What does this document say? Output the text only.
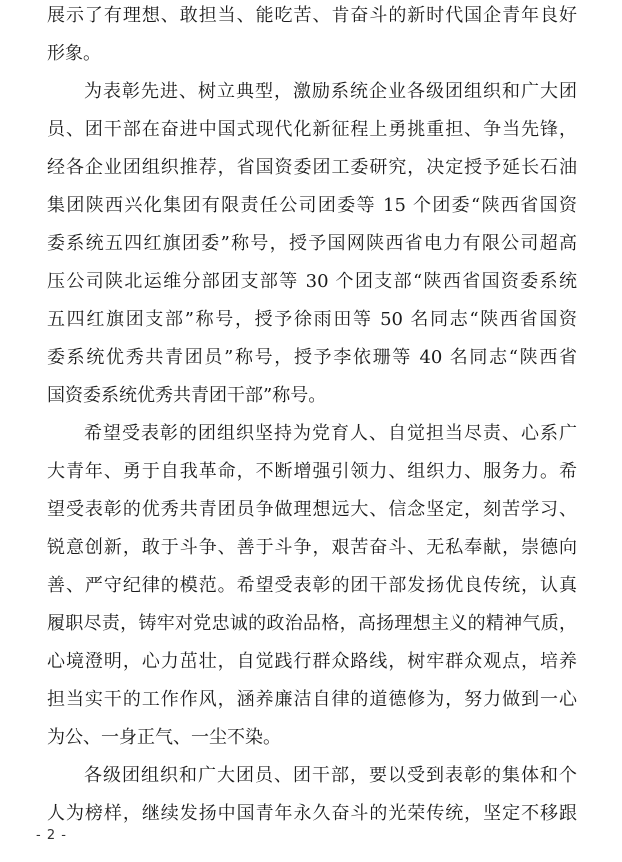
展示了有理想、敢担当、能吃苦、肯奋斗的新时代国企青年良好
形象。
为表彰先进、树立典型，激励系统企业各级团组织和广大团
员、团干部在奋进中国式现代化新征程上勇挑重担、争当先锋，
经各企业团组织推荐，省国资委团工委研究，决定授予延长石油
集团陕西兴化集团有限责任公司团委等 15 个团委“陕西省国资
委系统五四红旗团委”称号，授予国网陕西省电力有限公司超高
压公司陕北运维分部团支部等 30 个团支部“陕西省国资委系统
五四红旗团支部”称号，授予徐雨田等 50 名同志“陕西省国资
委系统优秀共青团员”称号，授予李依珊等 40 名同志“陕西省
国资委系统优秀共青团干部”称号。
希望受表彰的团组织坚持为党育人、自觉担当尽责、心系广
大青年、勇于自我革命，不断增强引领力、组织力、服务力。希
望受表彰的优秀共青团员争做理想远大、信念坚定，刻苦学习、
锐意创新，敢于斗争、善于斗争，艰苦奋斗、无私奉献，崇德向
善、严守纪律的模范。希望受表彰的团干部发扬优良传统，认真
履职尽责，铸牢对党忠诚的政治品格，高扬理想主义的精神气质，
心境澄明，心力茁壮，自觉践行群众路线，树牢群众观点，培养
担当实干的工作作风，涵养廉洁自律的道德修为，努力做到一心
为公、一身正气、一尘不染。
各级团组织和广大团员、团干部，要以受到表彰的集体和个
人为榜样，继续发扬中国青年永久奋斗的光荣传统，坚定不移跟
- 2 -
